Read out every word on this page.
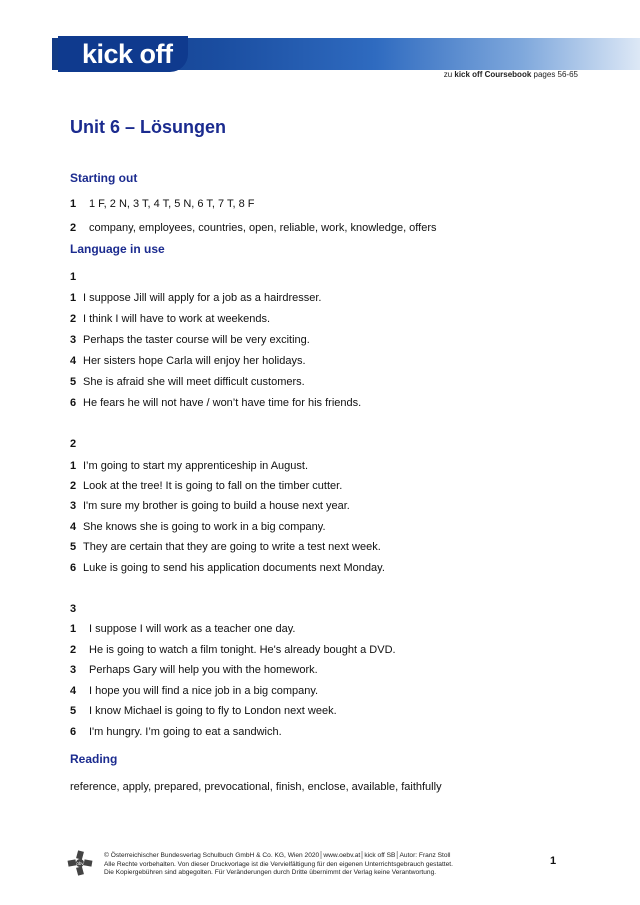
kick off
zu kick off Coursebook pages 56-65
Unit 6 – Lösungen
Starting out
1 1 F, 2 N, 3 T, 4 T, 5 N, 6 T, 7 T, 8 F
2 company, employees, countries, open, reliable, work, knowledge, offers
Language in use
1
1 I suppose Jill will apply for a job as a hairdresser.
2 I think I will have to work at weekends.
3 Perhaps the taster course will be very exciting.
4 Her sisters hope Carla will enjoy her holidays.
5 She is afraid she will meet difficult customers.
6 He fears he will not have / won’t have time for his friends.
2
1 I’m going to start my apprenticeship in August.
2 Look at the tree! It is going to fall on the timber cutter.
3 I'm sure my brother is going to build a house next year.
4 She knows she is going to work in a big company.
5 They are certain that they are going to write a test next week.
6 Luke is going to send his application documents next Monday.
3
1 I suppose I will work as a teacher one day.
2 He is going to watch a film tonight. He's already bought a DVD.
3 Perhaps Gary will help you with the homework.
4 I hope you will find a nice job in a big company.
5 I know Michael is going to fly to London next week.
6 I'm hungry. I’m going to eat a sandwich.
Reading
reference, apply, prepared, prevocational, finish, enclose, available, faithfully
öbv
© Österreichischer Bundesverlag Schulbuch GmbH & Co. KG, Wien 2020│www.oebv.at│kick off SB│Autor: Franz Stoll
Alle Rechte vorbehalten. Von dieser Druckvorlage ist die Vervielfältigung für den eigenen Unterrichtsgebrauch gestattet.
Die Kopiergebühren sind abgegolten. Für Veränderungen durch Dritte übernimmt der Verlag keine Verantwortung.
1
